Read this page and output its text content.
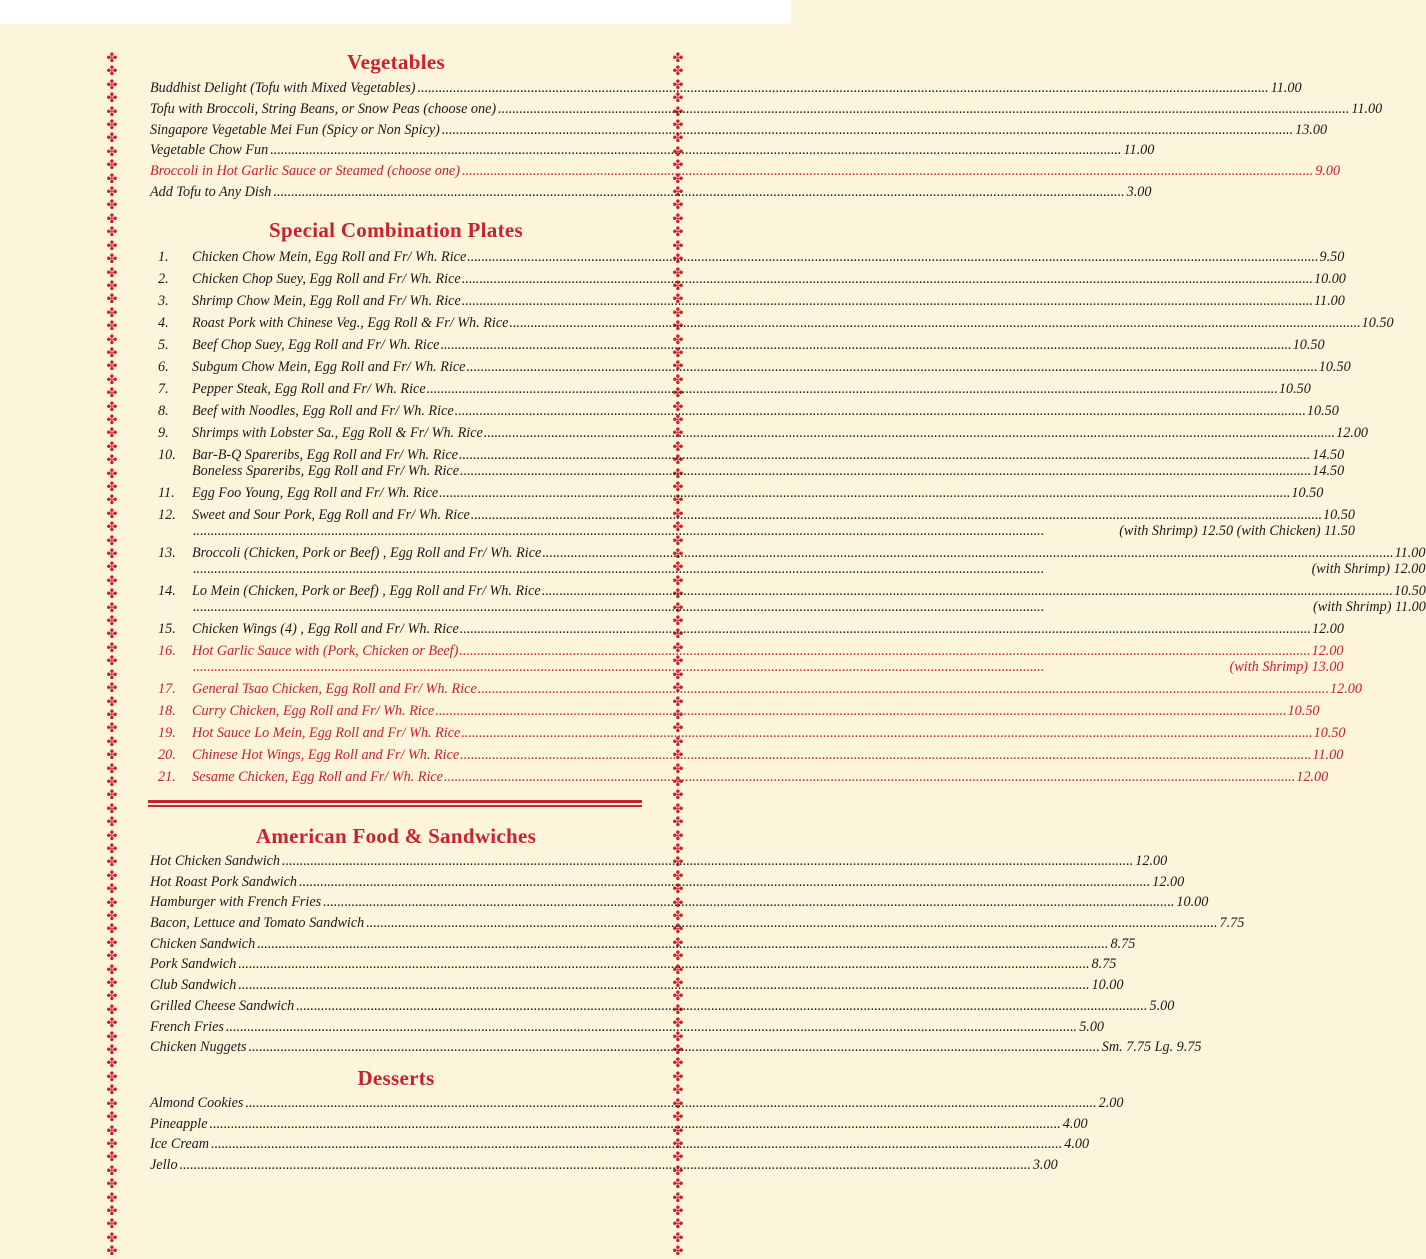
✤
✤
✤
✤
✤
✤
✤
✤
✤
✤
✤
✤
✤
✤
✤
✤
✤
✤
✤
✤
✤
✤
✤
✤
✤
✤
✤
✤
✤
✤
✤
✤
✤
✤
✤
✤
✤
✤
✤
✤
✤
✤
✤
✤
✤
✤
✤
✤
✤
✤
✤
✤
✤
✤
✤
✤
✤
✤
✤
✤
✤
✤
✤
✤
✤
✤
✤
✤
✤
✤
✤
✤
✤
✤
✤
✤
✤
✤
✤
✤
✤
✤
✤
✤
✤
✤
✤
✤
✤
✤
✤
✤
✤
✤
✤
✤
✤
✤
✤
✤
✤
✤
✤
✤
✤
✤
✤
✤
✤
✤
✤
✤
✤
✤
✤
✤
✤
✤
✤
✤
✤
✤
✤
✤
✤
✤
✤
✤
✤
✤
✤
✤
✤
✤
✤
✤
✤
✤
✤
✤
✤
✤
✤
✤
✤
✤
✤
✤
✤
✤
✤
✤
✤
✤
✤
✤
✤
✤
✤
✤
✤
✤
✤
✤
✤
✤
✤
✤
✤
✤
✤
✤
✤
✤
✤
✤
✤
✤
✤
✤
Vegetables
Buddhist Delight (Tofu with Mixed Vegetables) .....	11.00
Tofu with Broccoli, String Beans, or Snow Peas (choose one) .....	11.00
Singapore Vegetable Mei Fun (Spicy or Non Spicy) .....	13.00
Vegetable Chow Fun .....	11.00
Broccoli in Hot Garlic Sauce or Steamed (choose one) .....	9.00
Add Tofu to Any Dish .....	3.00
Special Combination Plates
1.	Chicken Chow Mein, Egg Roll and Fr/ Wh. Rice .....	9.50
2.	Chicken Chop Suey, Egg Roll and Fr/ Wh. Rice .....	10.00
3.	Shrimp Chow Mein, Egg Roll and Fr/ Wh. Rice .....	11.00
4.	Roast Pork with Chinese Veg., Egg Roll & Fr/ Wh. Rice .....	10.50
5.	Beef Chop Suey, Egg Roll and Fr/ Wh. Rice .....	10.50
6.	Subgum Chow Mein, Egg Roll and Fr/ Wh. Rice .....	10.50
7.	Pepper Steak, Egg Roll and Fr/ Wh. Rice .....	10.50
8.	Beef with Noodles, Egg Roll and Fr/ Wh. Rice .....	10.50
9.	Shrimps with Lobster Sa., Egg Roll & Fr/ Wh. Rice .....	12.00
10.	Bar-B-Q Spareribs, Egg Roll and Fr/ Wh. Rice .....	14.50
Boneless Spareribs, Egg Roll and Fr/ Wh. Rice .....	14.50
11.	Egg Foo Young, Egg Roll and Fr/ Wh. Rice .....	10.50
12.	Sweet and Sour Pork, Egg Roll and Fr/ Wh. Rice .....	10.50
.....
(with Shrimp) 12.50 (with Chicken) 11.50
13.	Broccoli (Chicken, Pork or Beef) , Egg Roll and Fr/ Wh. Rice .....	11.00
.....
(with Shrimp) 12.00
14.	Lo Mein (Chicken, Pork or Beef) , Egg Roll and Fr/ Wh. Rice .....	10.50
.....
(with Shrimp) 11.00
15.	Chicken Wings (4) , Egg Roll and Fr/ Wh. Rice .....	12.00
16.	Hot Garlic Sauce with (Pork, Chicken or Beef) .....	12.00
.....
(with Shrimp) 13.00
17.	General Tsao Chicken, Egg Roll and Fr/ Wh. Rice .....	12.00
18.	Curry Chicken, Egg Roll and Fr/ Wh. Rice .....	10.50
19.	Hot Sauce Lo Mein, Egg Roll and Fr/ Wh. Rice .....	10.50
20.	Chinese Hot Wings, Egg Roll and Fr/ Wh. Rice .....	11.00
21.	Sesame Chicken, Egg Roll and Fr/ Wh. Rice .....	12.00
American Food & Sandwiches
Hot Chicken Sandwich .....	12.00
Hot Roast Pork Sandwich .....	12.00
Hamburger with French Fries .....	10.00
Bacon, Lettuce and Tomato Sandwich .....	7.75
Chicken Sandwich .....	8.75
Pork Sandwich .....	8.75
Club Sandwich .....	10.00
Grilled Cheese Sandwich .....	5.00
French Fries .....	5.00
Chicken Nuggets .....	Sm. 7.75 Lg. 9.75
Desserts
Almond Cookies .....	2.00
Pineapple .....	4.00
Ice Cream .....	4.00
Jello .....	3.00
